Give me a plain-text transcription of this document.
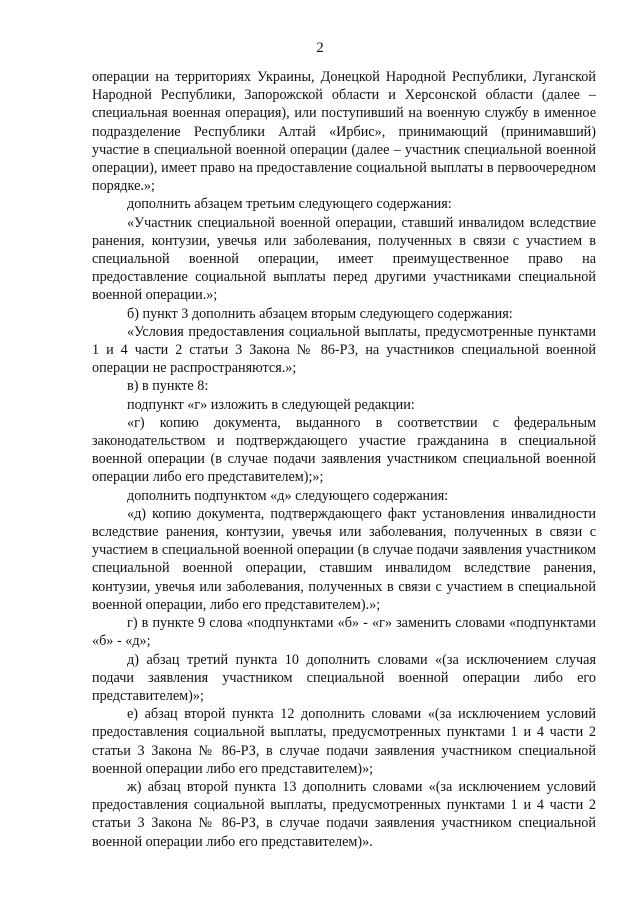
2

операции на территориях Украины, Донецкой Народной Республики, Луганской Народной Республики, Запорожской области и Херсонской области (далее – специальная военная операция), или поступивший на военную службу в именное подразделение Республики Алтай «Ирбис», принимающий (принимавший) участие в специальной военной операции (далее – участник специальной военной операции), имеет право на предоставление социальной выплаты в первоочередном порядке.»;

дополнить абзацем третьим следующего содержания:

«Участник специальной военной операции, ставший инвалидом вследствие ранения, контузии, увечья или заболевания, полученных в связи с участием в специальной военной операции, имеет преимущественное право на предоставление социальной выплаты перед другими участниками специальной военной операции.»;

б) пункт 3 дополнить абзацем вторым следующего содержания:

«Условия предоставления социальной выплаты, предусмотренные пунктами 1 и 4 части 2 статьи 3 Закона № 86-РЗ, на участников специальной военной операции не распространяются.»;

в) в пункте 8:

подпункт «г» изложить в следующей редакции:

«г) копию документа, выданного в соответствии с федеральным законодательством и подтверждающего участие гражданина в специальной военной операции (в случае подачи заявления участником специальной военной операции либо его представителем);»;

дополнить подпунктом «д» следующего содержания:

«д) копию документа, подтверждающего факт установления инвалидности вследствие ранения, контузии, увечья или заболевания, полученных в связи с участием в специальной военной операции (в случае подачи заявления участником специальной военной операции, ставшим инвалидом вследствие ранения, контузии, увечья или заболевания, полученных в связи с участием в специальной военной операции, либо его представителем).»;

г) в пункте 9 слова «подпунктами «б» - «г» заменить словами «подпунктами «б» - «д»;

д) абзац третий пункта 10 дополнить словами «(за исключением случая подачи заявления участником специальной военной операции либо его представителем)»;

е) абзац второй пункта 12 дополнить словами «(за исключением условий предоставления социальной выплаты, предусмотренных пунктами 1 и 4 части 2 статьи 3 Закона № 86-РЗ, в случае подачи заявления участником специальной военной операции либо его представителем)»;

ж) абзац второй пункта 13 дополнить словами «(за исключением условий предоставления социальной выплаты, предусмотренных пунктами 1 и 4 части 2 статьи 3 Закона № 86-РЗ, в случае подачи заявления участником специальной военной операции либо его представителем)».
